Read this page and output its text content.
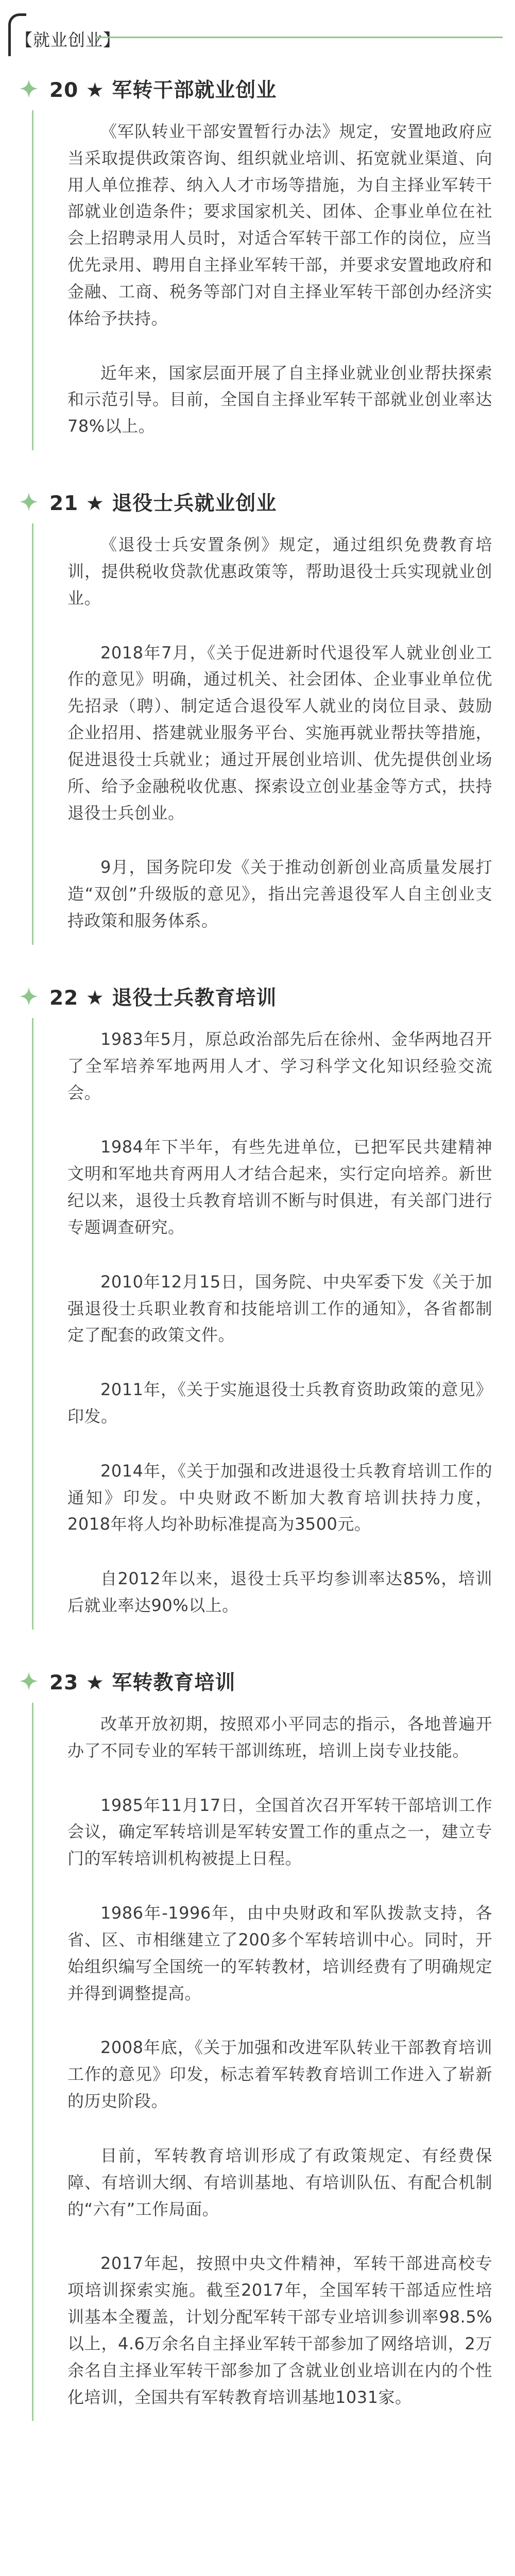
【就业创业】
20 ★ 军转干部就业创业

《军队转业干部安置暂行办法》规定，安置地政府应当采取提供政策咨询、组织就业培训、拓宽就业渠道、向用人单位推荐、纳入人才市场等措施，为自主择业军转干部就业创造条件；要求国家机关、团体、企事业单位在社会上招聘录用人员时，对适合军转干部工作的岗位，应当优先录用、聘用自主择业军转干部，并要求安置地政府和金融、工商、税务等部门对自主择业军转干部创办经济实体给予扶持。

近年来，国家层面开展了自主择业就业创业帮扶探索和示范引导。目前，全国自主择业军转干部就业创业率达78%以上。

21 ★ 退役士兵就业创业

《退役士兵安置条例》规定，通过组织免费教育培训，提供税收贷款优惠政策等，帮助退役士兵实现就业创业。

2018年7月，《关于促进新时代退役军人就业创业工作的意见》明确，通过机关、社会团体、企业事业单位优先招录（聘）、制定适合退役军人就业的岗位目录、鼓励企业招用、搭建就业服务平台、实施再就业帮扶等措施，促进退役士兵就业；通过开展创业培训、优先提供创业场所、给予金融税收优惠、探索设立创业基金等方式，扶持退役士兵创业。

9月，国务院印发《关于推动创新创业高质量发展打造“双创”升级版的意见》，指出完善退役军人自主创业支持政策和服务体系。

22 ★ 退役士兵教育培训

1983年5月，原总政治部先后在徐州、金华两地召开了全军培养军地两用人才、学习科学文化知识经验交流会。

1984年下半年，有些先进单位，已把军民共建精神文明和军地共育两用人才结合起来，实行定向培养。新世纪以来，退役士兵教育培训不断与时俱进，有关部门进行专题调查研究。

2010年12月15日，国务院、中央军委下发《关于加强退役士兵职业教育和技能培训工作的通知》，各省都制定了配套的政策文件。

2011年，《关于实施退役士兵教育资助政策的意见》印发。

2014年，《关于加强和改进退役士兵教育培训工作的通知》印发。中央财政不断加大教育培训扶持力度，2018年将人均补助标准提高为3500元。

自2012年以来，退役士兵平均参训率达85%，培训后就业率达90%以上。

23 ★ 军转教育培训

改革开放初期，按照邓小平同志的指示，各地普遍开办了不同专业的军转干部训练班，培训上岗专业技能。

1985年11月17日，全国首次召开军转干部培训工作会议，确定军转培训是军转安置工作的重点之一，建立专门的军转培训机构被提上日程。

1986年-1996年，由中央财政和军队拨款支持，各省、区、市相继建立了200多个军转培训中心。同时，开始组织编写全国统一的军转教材，培训经费有了明确规定并得到调整提高。

2008年底，《关于加强和改进军队转业干部教育培训工作的意见》印发，标志着军转教育培训工作进入了崭新的历史阶段。

目前，军转教育培训形成了有政策规定、有经费保障、有培训大纲、有培训基地、有培训队伍、有配合机制的“六有”工作局面。

2017年起，按照中央文件精神，军转干部进高校专项培训探索实施。截至2017年，全国军转干部适应性培训基本全覆盖，计划分配军转干部专业培训参训率98.5%以上，4.6万余名自主择业军转干部参加了网络培训，2万余名自主择业军转干部参加了含就业创业培训在内的个性化培训，全国共有军转教育培训基地1031家。
